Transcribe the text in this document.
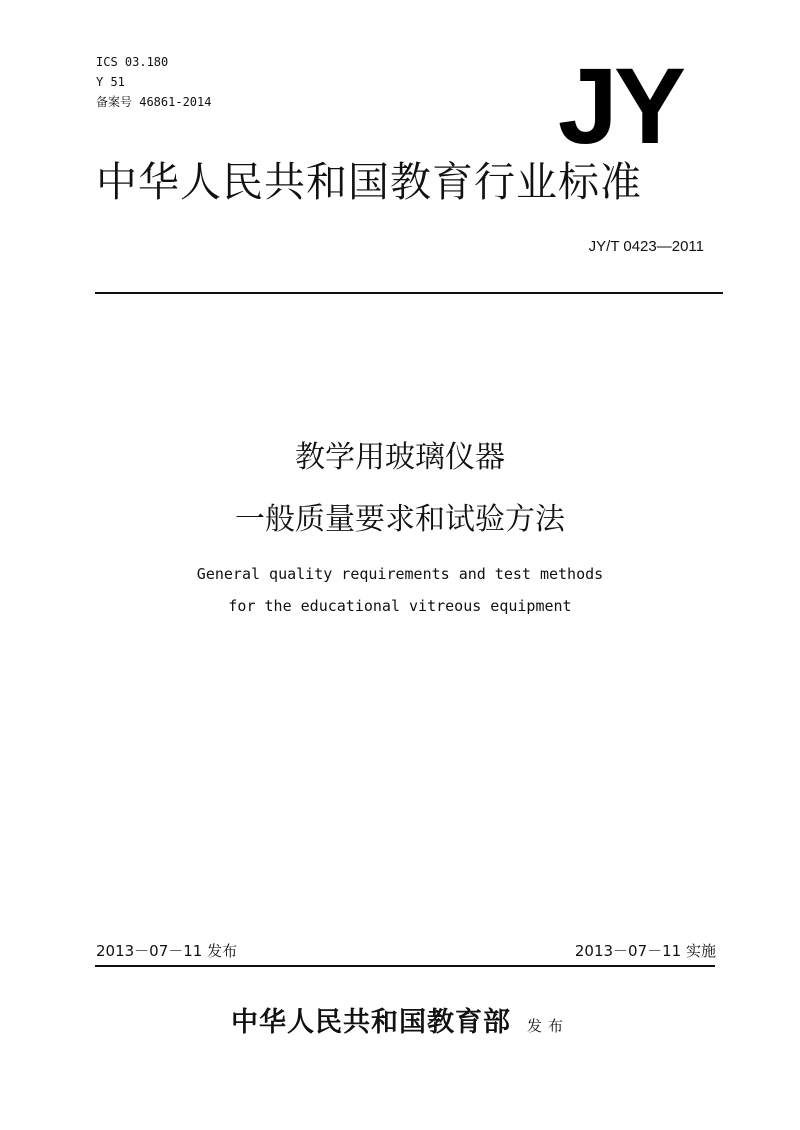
ICS 03.180
Y 51
备案号 46861-2014	JY
中华人民共和国教育行业标准
JY/T 0423—2011
教学用玻璃仪器
一般质量要求和试验方法
General quality requirements and test methods
for the educational vitreous equipment
2013－07－11 发布	2013－07－11 实施
中华人民共和国教育部 发布
